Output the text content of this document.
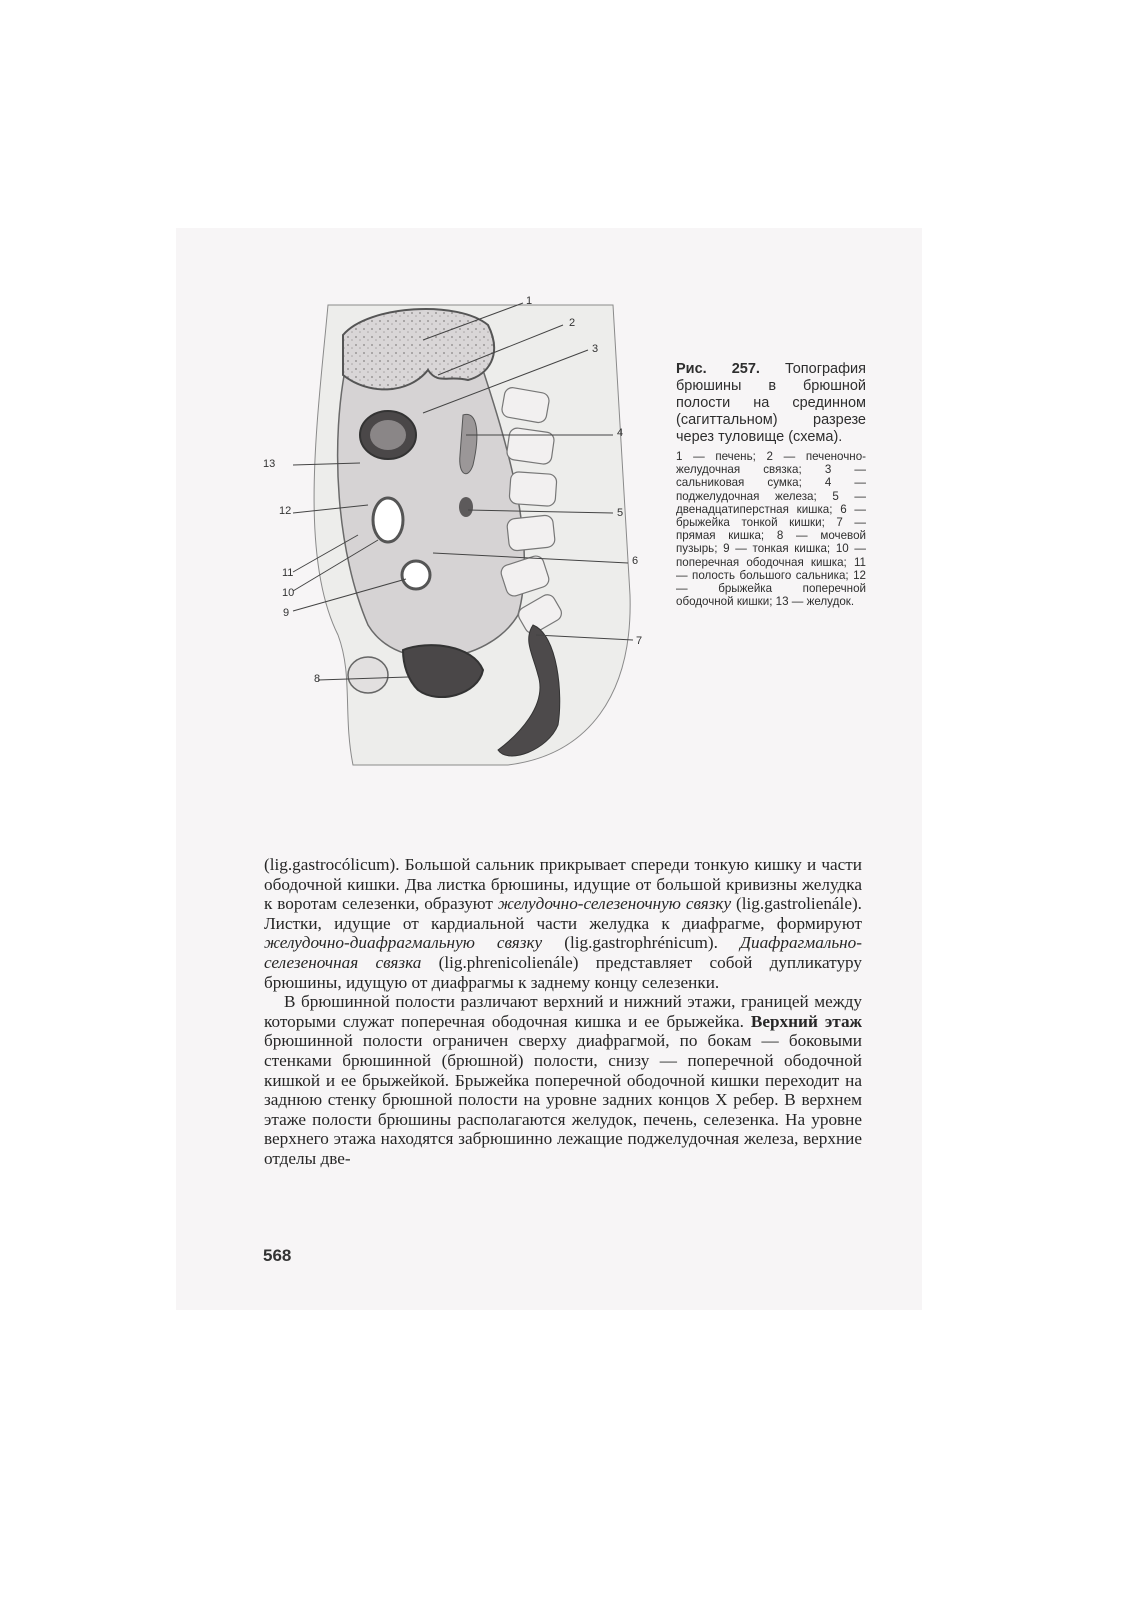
1
2
3
4
5
6
7
8
9
10
11
12
13

Рис. 257. Топография брюшины в брюшной полости на срединном (сагиттальном) разрезе через туловище (схема).

1 — печень; 2 — печеночно-желудочная связка; 3 — сальниковая сумка; 4 — поджелудочная железа; 5 — двенадцатиперстная кишка; 6 — брыжейка тонкой кишки; 7 — прямая кишка; 8 — мочевой пузырь; 9 — тонкая кишка; 10 — поперечная ободочная кишка; 11 — полость большого сальника; 12 — брыжейка поперечной ободочной кишки; 13 — желудок.

(lig.gastrocólicum). Большой сальник прикрывает спереди тонкую кишку и части ободочной кишки. Два листка брюшины, идущие от большой кривизны желудка к воротам селезенки, образуют желудочно-селезеночную связку (lig.gastrolienále). Листки, идущие от кардиальной части желудка к диафрагме, формируют желудочно-диафрагмальную связку (lig.gastrophrénicum). Диафрагмально-селезеночная связка (lig.phrenicolienále) представляет собой дупликатуру брюшины, идущую от диафрагмы к заднему концу селезенки.

В брюшинной полости различают верхний и нижний этажи, границей между которыми служат поперечная ободочная кишка и ее брыжейка. Верхний этаж брюшинной полости ограничен сверху диафрагмой, по бокам — боковыми стенками брюшинной (брюшной) полости, снизу — поперечной ободочной кишкой и ее брыжейкой. Брыжейка поперечной ободочной кишки переходит на заднюю стенку брюшной полости на уровне задних концов X ребер. В верхнем этаже полости брюшины располагаются желудок, печень, селезенка. На уровне верхнего этажа находятся забрюшинно лежащие поджелудочная железа, верхние отделы две-

568
